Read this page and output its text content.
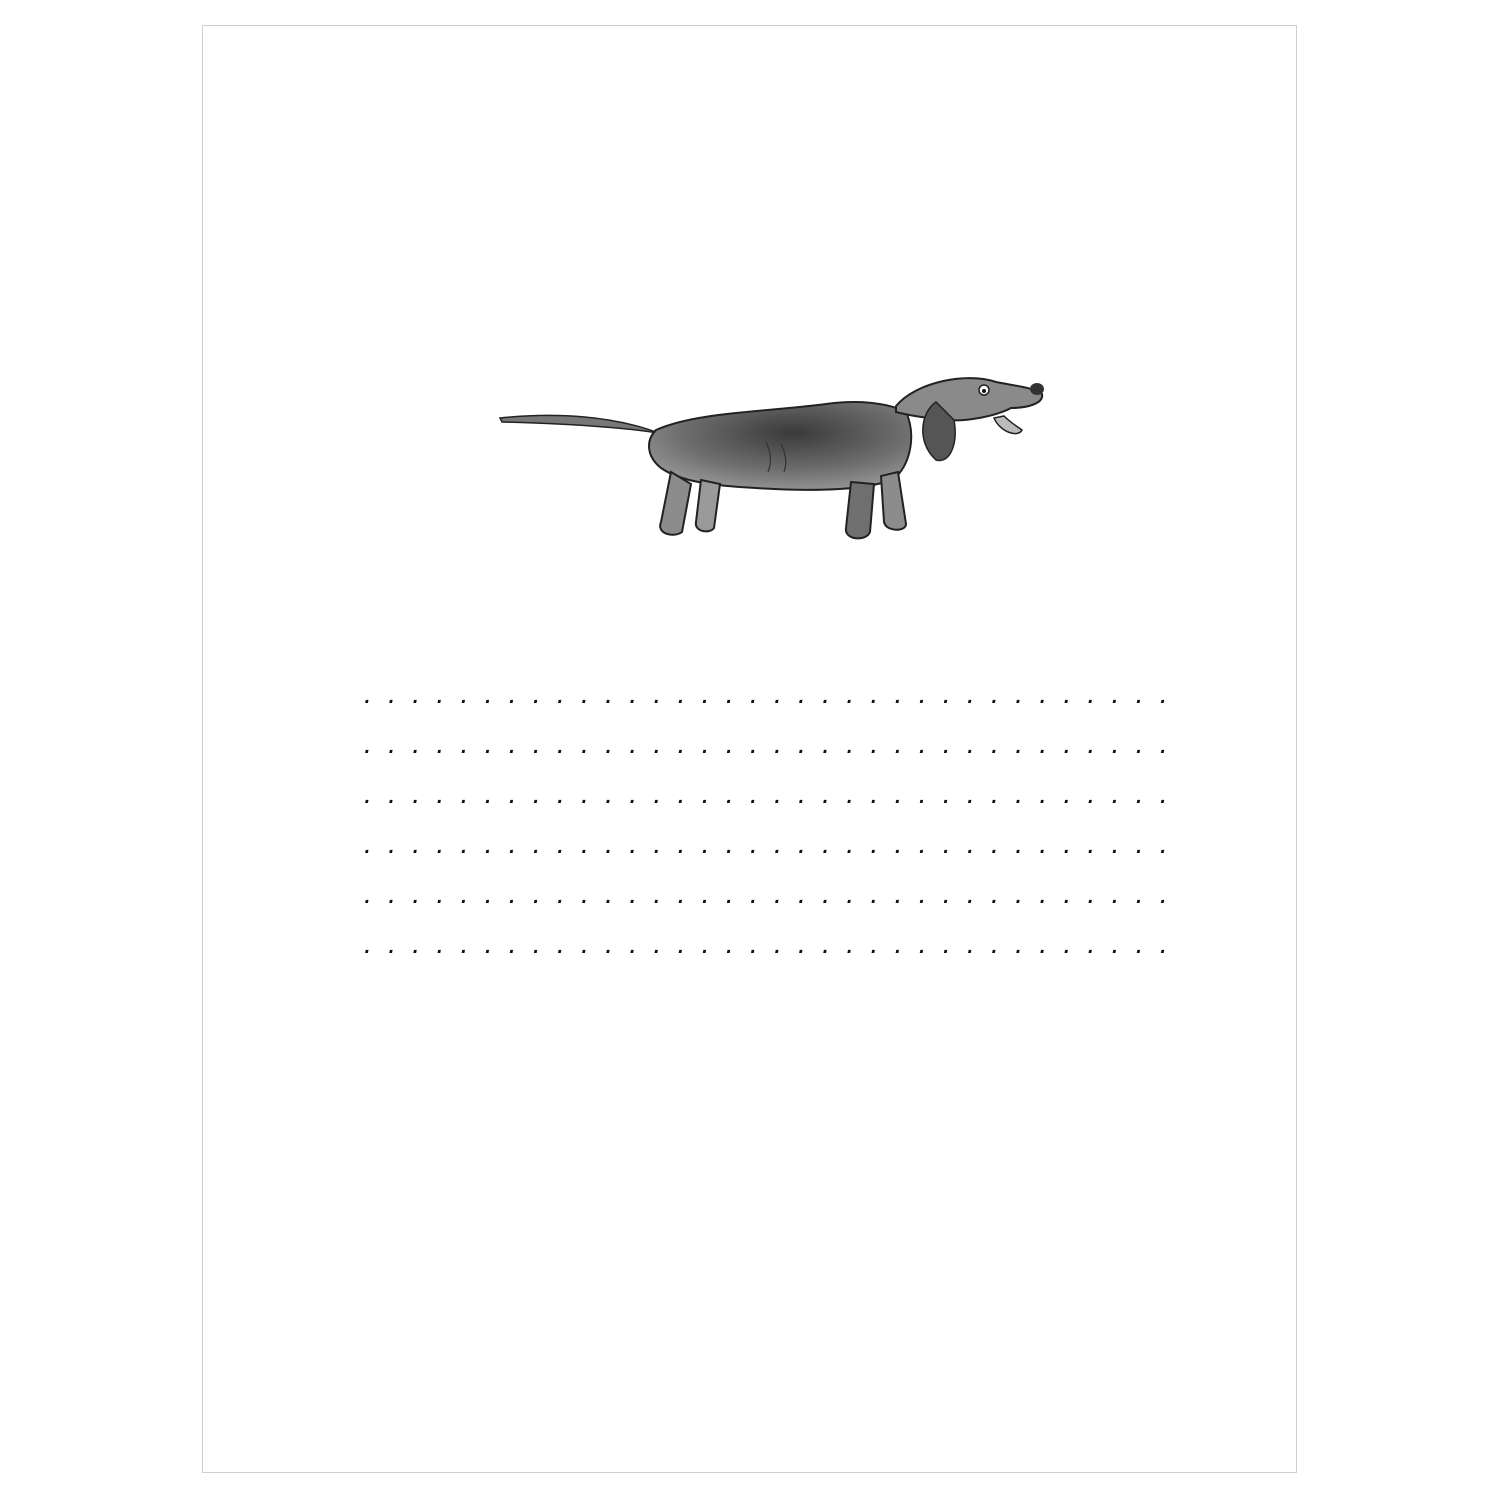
. . .
. . .
. . .
. . .
. . .
. . .
